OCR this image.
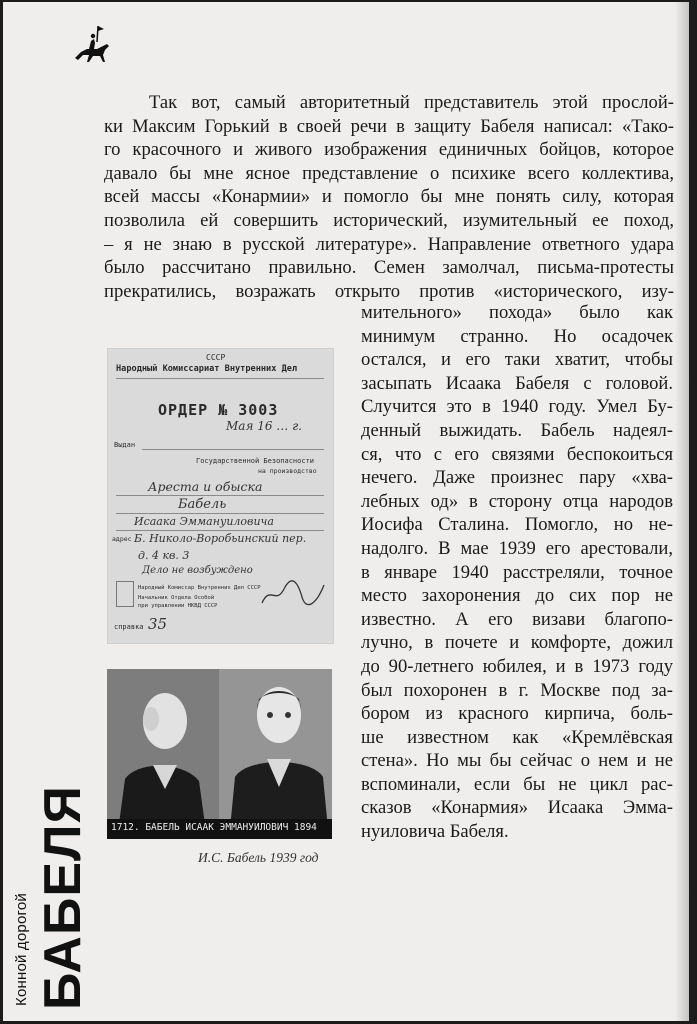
Так вот, самый авторитетный представитель этой прослой-
ки Максим Горький в своей речи в защиту Бабеля написал: «Тако-
го красочного и живого изображения единичных бойцов, которое
давало бы мне ясное представление о психике всего коллектива,
всей массы «Конармии» и помогло бы мне понять силу, которая
позволила ей совершить исторический, изумительный ее поход,
– я не знаю в русской литературе». Направление ответного удара
было рассчитано правильно. Семен замолчал, письма-протесты
прекратились, возражать открыто против «исторического, изу-
мительного» похода» было как
минимум странно. Но осадочек
остался, и его таки хватит, чтобы
засыпать Исаака Бабеля с головой.
Случится это в 1940 году. Умел Бу-
денный выжидать. Бабель надеял-
ся, что с его связями беспокоиться
нечего. Даже произнес пару «хва-
лебных од» в сторону отца народов
Иосифа Сталина. Помогло, но не-
надолго. В мае 1939 его арестовали,
в январе 1940 расстреляли, точное
место захоронения до сих пор не
известно. А его визави благопо-
лучно, в почете и комфорте, дожил
до 90-летнего юбилея, и в 1973 году
был похоронен в г. Москве под за-
бором из красного кирпича, боль-
ше известном как «Кремлёвская
стена». Но мы бы сейчас о нем и не
вспоминали, если бы не цикл рас-
сказов «Конармия» Исаака Эмма-
нуиловича Бабеля.
СССР
Народный Комиссариат Внутренних Дел
ОРДЕР № 3003
Мая 16 … г.
Выдан
Государственной Безопасности
на производство
Ареста и обыска
Бабель
Исаака Эммануиловича
адрес Б. Николо-Воробьинский пер.
д. 4 кв. 3
Дело не возбуждено
Народный Комиссар Внутренних Дел СССР
Начальник Отдела Особой
при управлении НКВД СССР
справка 35
1712. БАБЕЛЬ ИСААК ЭММАНУИЛОВИЧ 1894
И.С. Бабель 1939 год
Конной дорогой БАБЕЛЯ
